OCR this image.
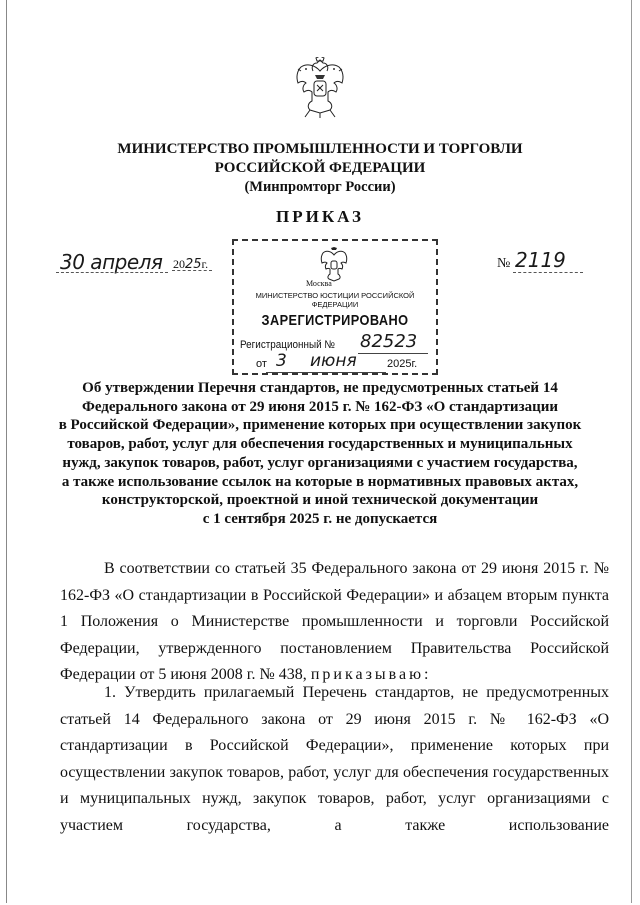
МИНИСТЕРСТВО ПРОМЫШЛЕННОСТИ И ТОРГОВЛИ
РОССИЙСКОЙ ФЕДЕРАЦИИ
(Минпромторг России)
ПРИКАЗ
30 апреля 2025г.	№ 2119
Москва
МИНИСТЕРСТВО ЮСТИЦИИ РОССИЙСКОЙ ФЕДЕРАЦИИ
ЗАРЕГИСТРИРОВАНО
Регистрационный № 82523
от 3 июня	2025г.
Об утверждении Перечня стандартов, не предусмотренных статьей 14
Федерального закона от 29 июня 2015 г. № 162-ФЗ «О стандартизации
в Российской Федерации», применение которых при осуществлении закупок
товаров, работ, услуг для обеспечения государственных и муниципальных
нужд, закупок товаров, работ, услуг организациями с участием государства,
а также использование ссылок на которые в нормативных правовых актах,
конструкторской, проектной и иной технической документации
с 1 сентября 2025 г. не допускается

В соответствии со статьей 35 Федерального закона от 29 июня 2015 г. № 162-ФЗ «О стандартизации в Российской Федерации» и абзацем вторым пункта 1 Положения о Министерстве промышленности и торговли Российской Федерации, утвержденного постановлением Правительства Российской Федерации от 5 июня 2008 г. № 438, приказываю:

1. Утвердить прилагаемый Перечень стандартов, не предусмотренных статьей 14 Федерального закона от 29 июня 2015 г. № 162-ФЗ «О стандартизации в Российской Федерации», применение которых при осуществлении закупок товаров, работ, услуг для обеспечения государственных и муниципальных нужд, закупок товаров, работ, услуг организациями с участием государства, а также использование
